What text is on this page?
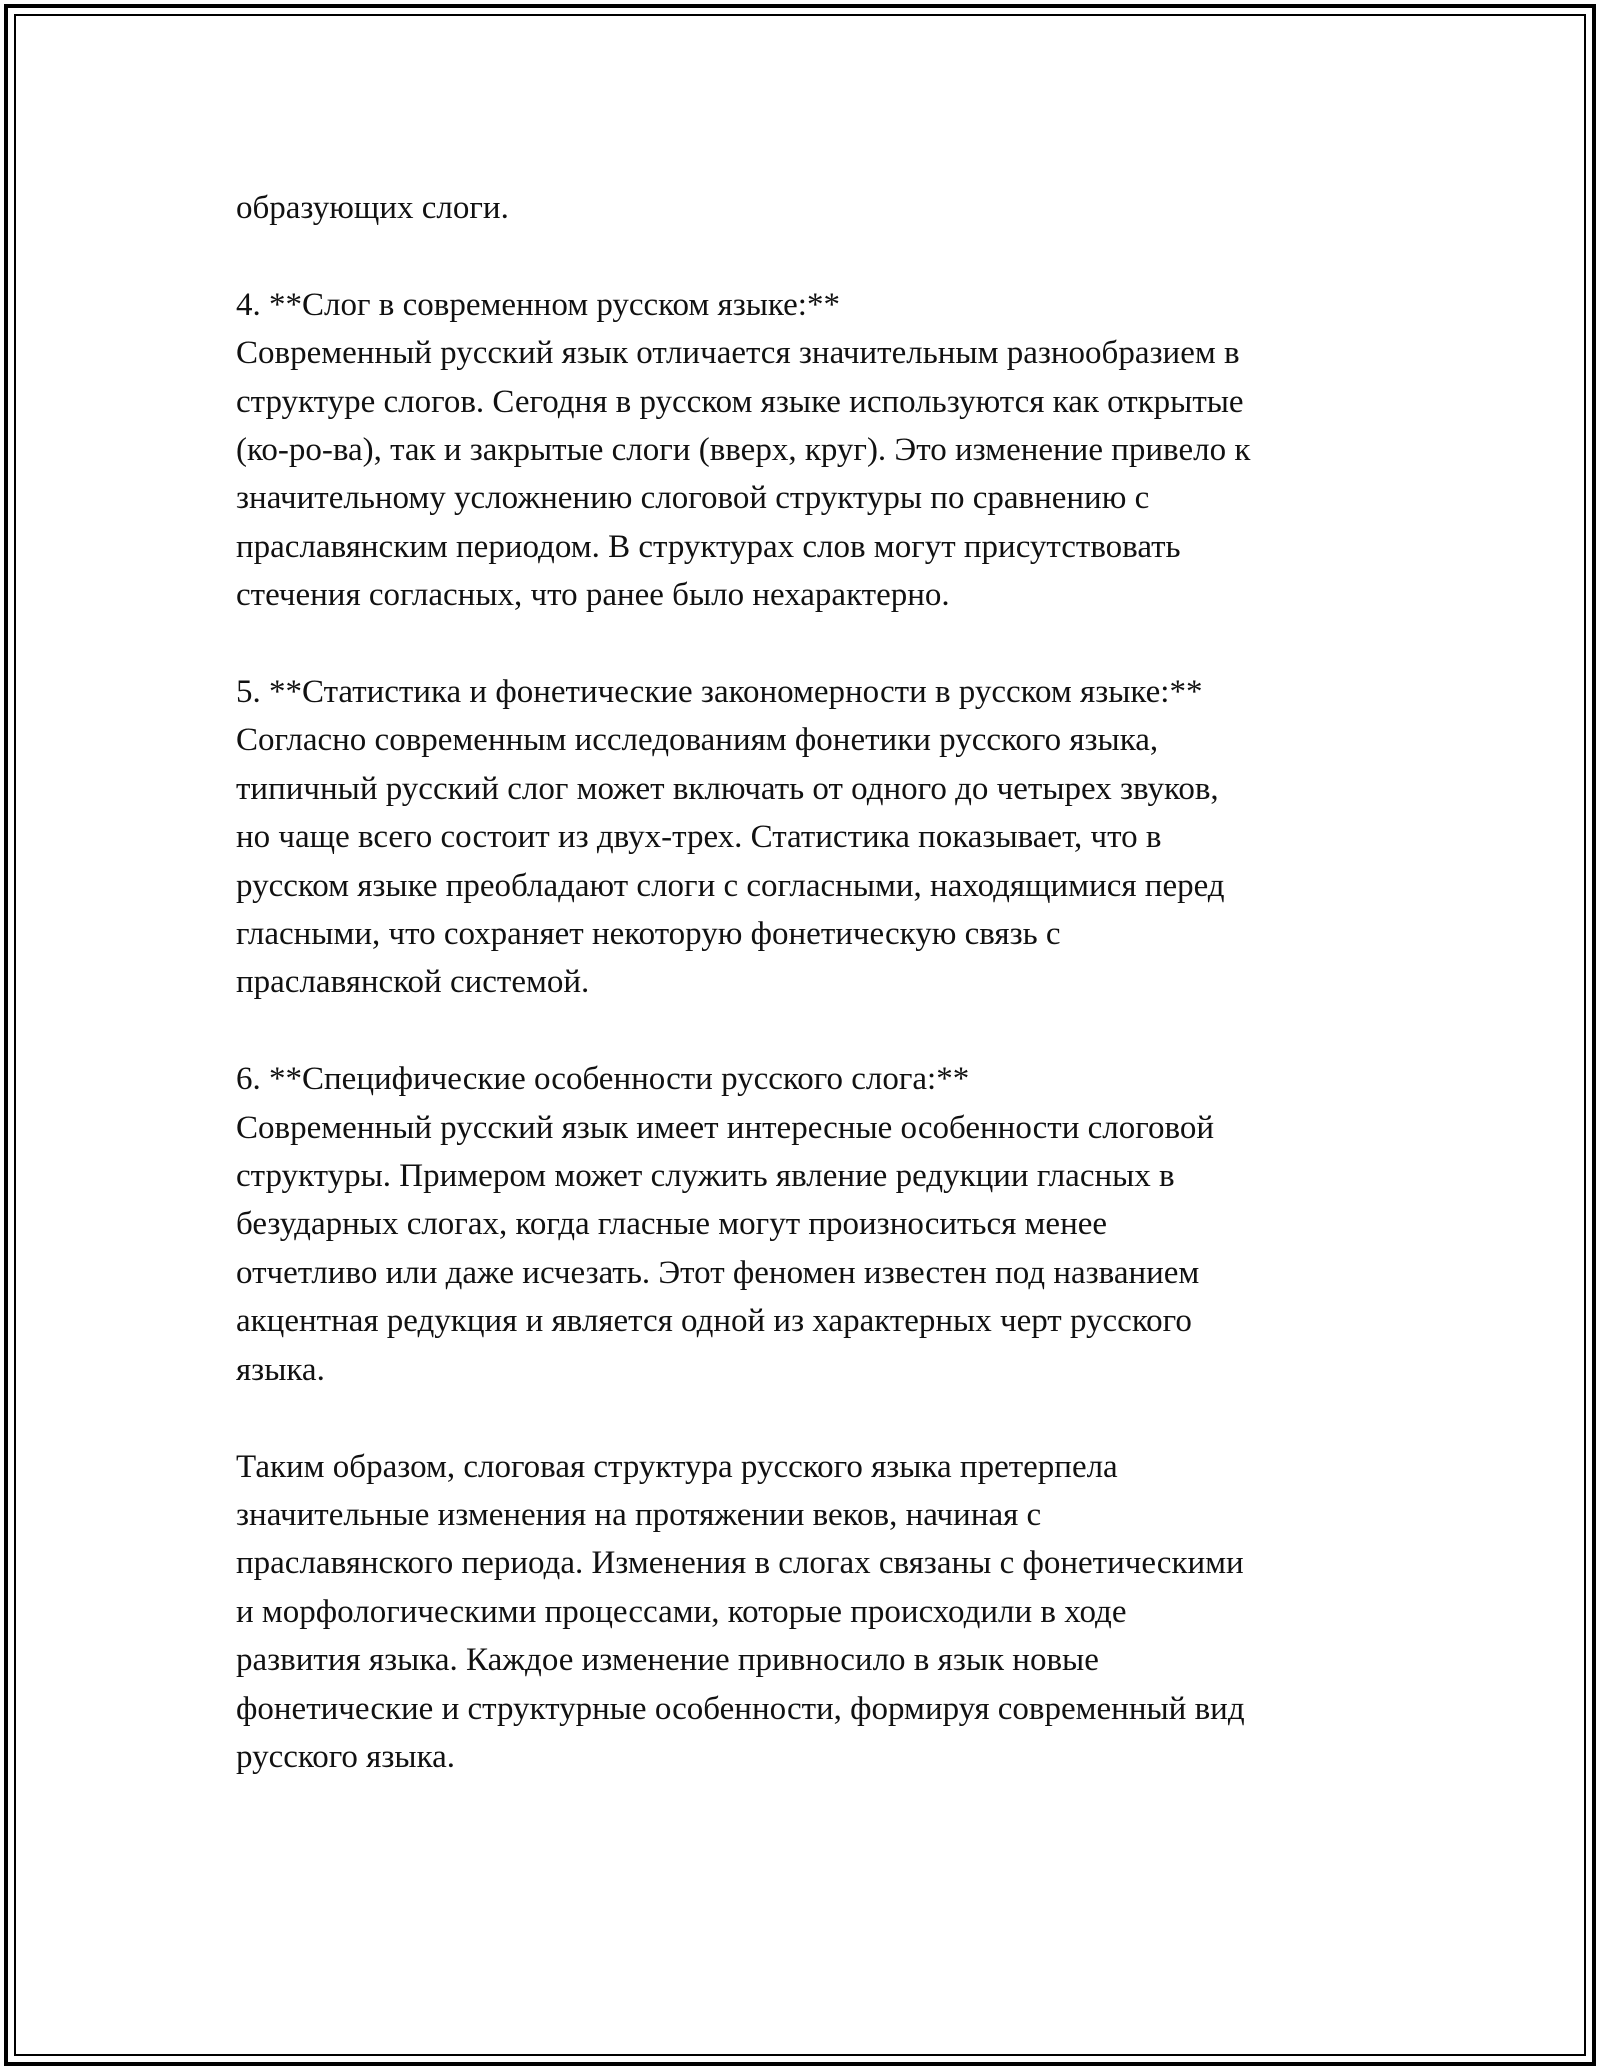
образующих слоги.
4. **Слог в современном русском языке:**
Современный русский язык отличается значительным разнообразием в
структуре слогов. Сегодня в русском языке используются как открытые
(ко-ро-ва), так и закрытые слоги (вверх, круг). Это изменение привело к
значительному усложнению слоговой структуры по сравнению с
праславянским периодом. В структурах слов могут присутствовать
стечения согласных, что ранее было нехарактерно.
5. **Статистика и фонетические закономерности в русском языке:**
Согласно современным исследованиям фонетики русского языка,
типичный русский слог может включать от одного до четырех звуков,
но чаще всего состоит из двух-трех. Статистика показывает, что в
русском языке преобладают слоги с согласными, находящимися перед
гласными, что сохраняет некоторую фонетическую связь с
праславянской системой.
6. **Специфические особенности русского слога:**
Современный русский язык имеет интересные особенности слоговой
структуры. Примером может служить явление редукции гласных в
безударных слогах, когда гласные могут произноситься менее
отчетливо или даже исчезать. Этот феномен известен под названием
акцентная редукция и является одной из характерных черт русского
языка.
Таким образом, слоговая структура русского языка претерпела
значительные изменения на протяжении веков, начиная с
праславянского периода. Изменения в слогах связаны с фонетическими
и морфологическими процессами, которые происходили в ходе
развития языка. Каждое изменение привносило в язык новые
фонетические и структурные особенности, формируя современный вид
русского языка.
